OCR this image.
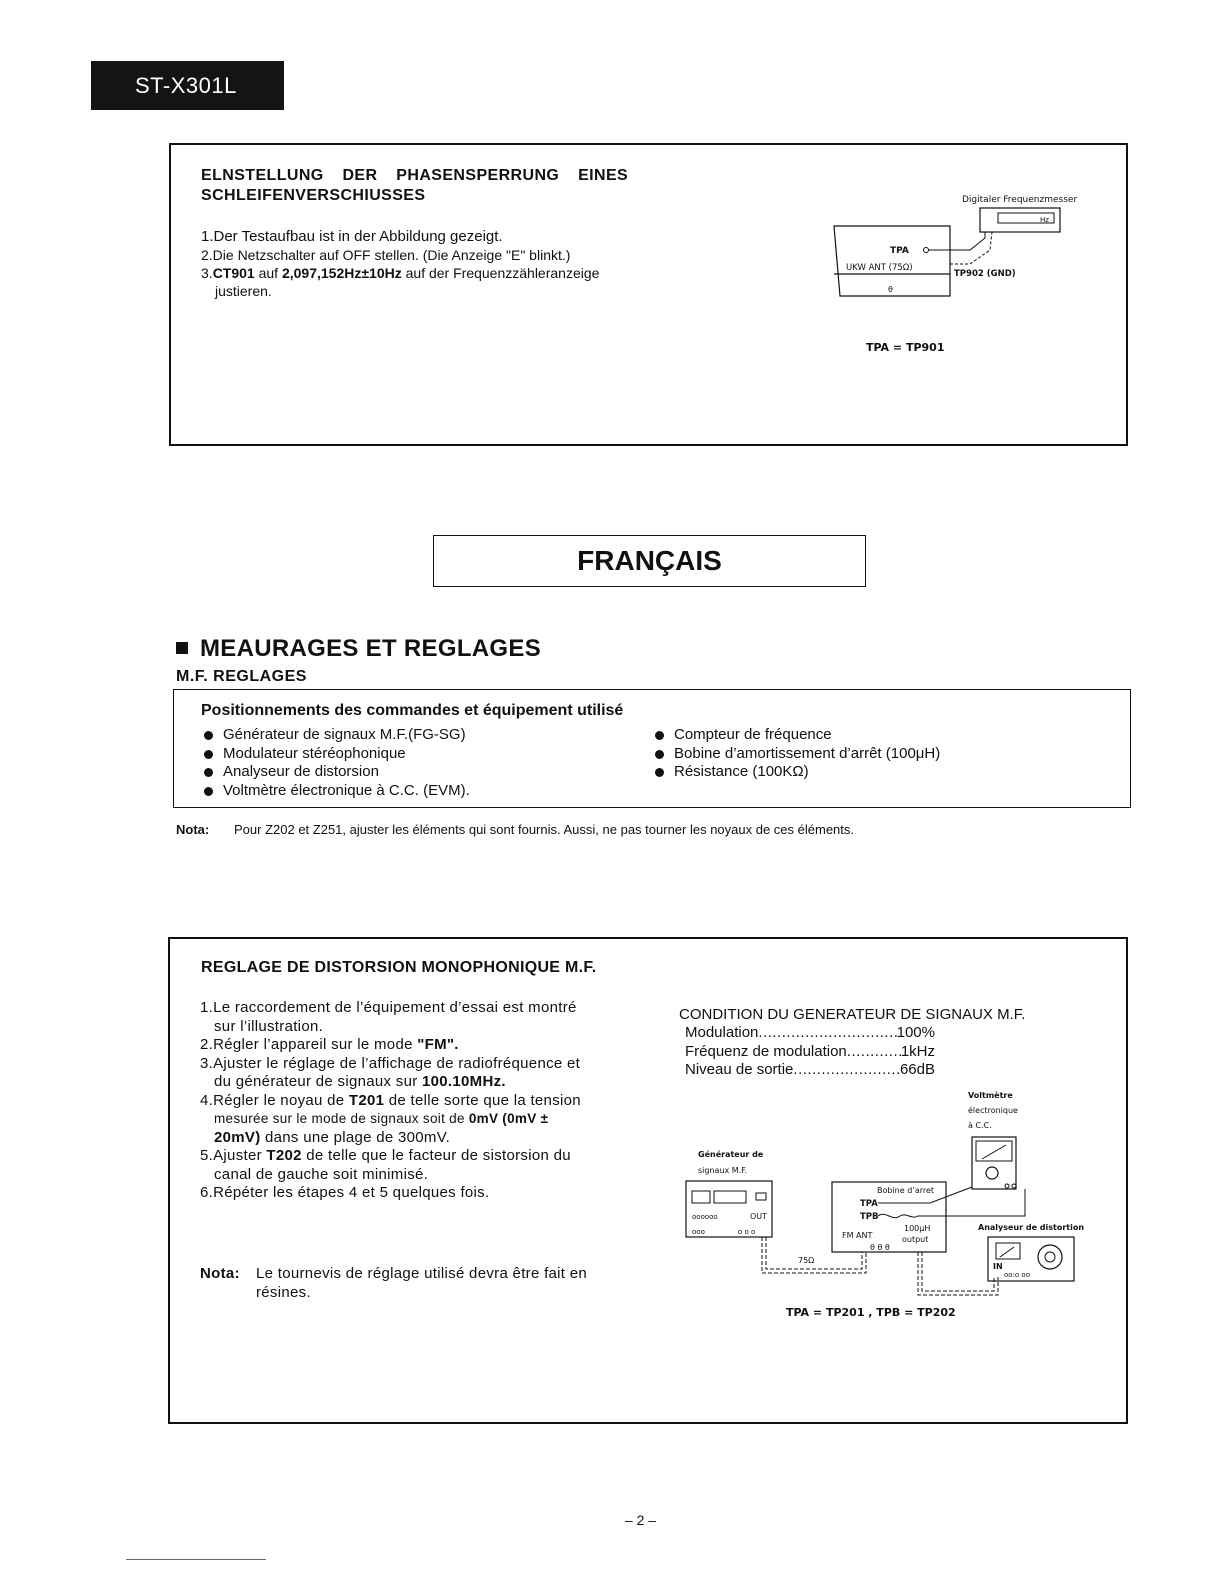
ST-X301L
ELNSTELLUNG DER PHASENSPERRUNG EINES
SCHLEIFENVERSCHIUSSES
1.Der Testaufbau ist in der Abbildung gezeigt.
2.Die Netzschalter auf OFF stellen. (Die Anzeige "E" blinkt.)
3.CT901 auf 2,097,152Hz±10Hz auf der Frequenzzähleranzeige
justieren.
Digitaler Frequenzmesser
Hz
TPA
UKW ANT (75Ω)
TP902 (GND)
θ
TPA = TP901
FRANÇAIS
MEAURAGES ET REGLAGES
M.F. REGLAGES
Positionnements des commandes et équipement utilisé
Générateur de signaux M.F.(FG-SG)
Modulateur stéréophonique
Analyseur de distorsion
Voltmètre électronique à C.C. (EVM).
Compteur de fréquence
Bobine d’amortissement d’arrêt (100μH)
Résistance (100KΩ)
Nota: Pour Z202 et Z251, ajuster les éléments qui sont fournis. Aussi, ne pas tourner les noyaux de ces éléments.
REGLAGE DE DISTORSION MONOPHONIQUE M.F.
1.Le raccordement de l’équipement d’essai est montré
sur l’illustration.
2.Régler l’appareil sur le mode "FM".
3.Ajuster le réglage de l’affichage de radiofréquence et
du générateur de signaux sur 100.10MHz.
4.Régler le noyau de T201 de telle sorte que la tension
mesurée sur le mode de signaux soit de 0mV (0mV ±
20mV) dans une plage de 300mV.
5.Ajuster T202 de telle que le facteur de sistorsion du
canal de gauche soit minimisé.
6.Répéter les étapes 4 et 5 quelques fois.
Nota: Le tournevis de réglage utilisé devra être fait en
résines.
CONDITION DU GENERATEUR DE SIGNAUX M.F.
Modulation .....	100%
Fréquenz de modulation .....	1kHz
Niveau de sortie .....	66dB
Voltmètre
électronique
à C.C.
Générateur de
signaux M.F.
oooooo	OUT
ooo	o o o
Bobine d’arret
TPA
TPB
100μH
FM ANT	output
θ θ θ
75Ω
Analyseur de distortion
IN
oo:o oo
TPA = TP201 , TPB = TP202
– 2 –
